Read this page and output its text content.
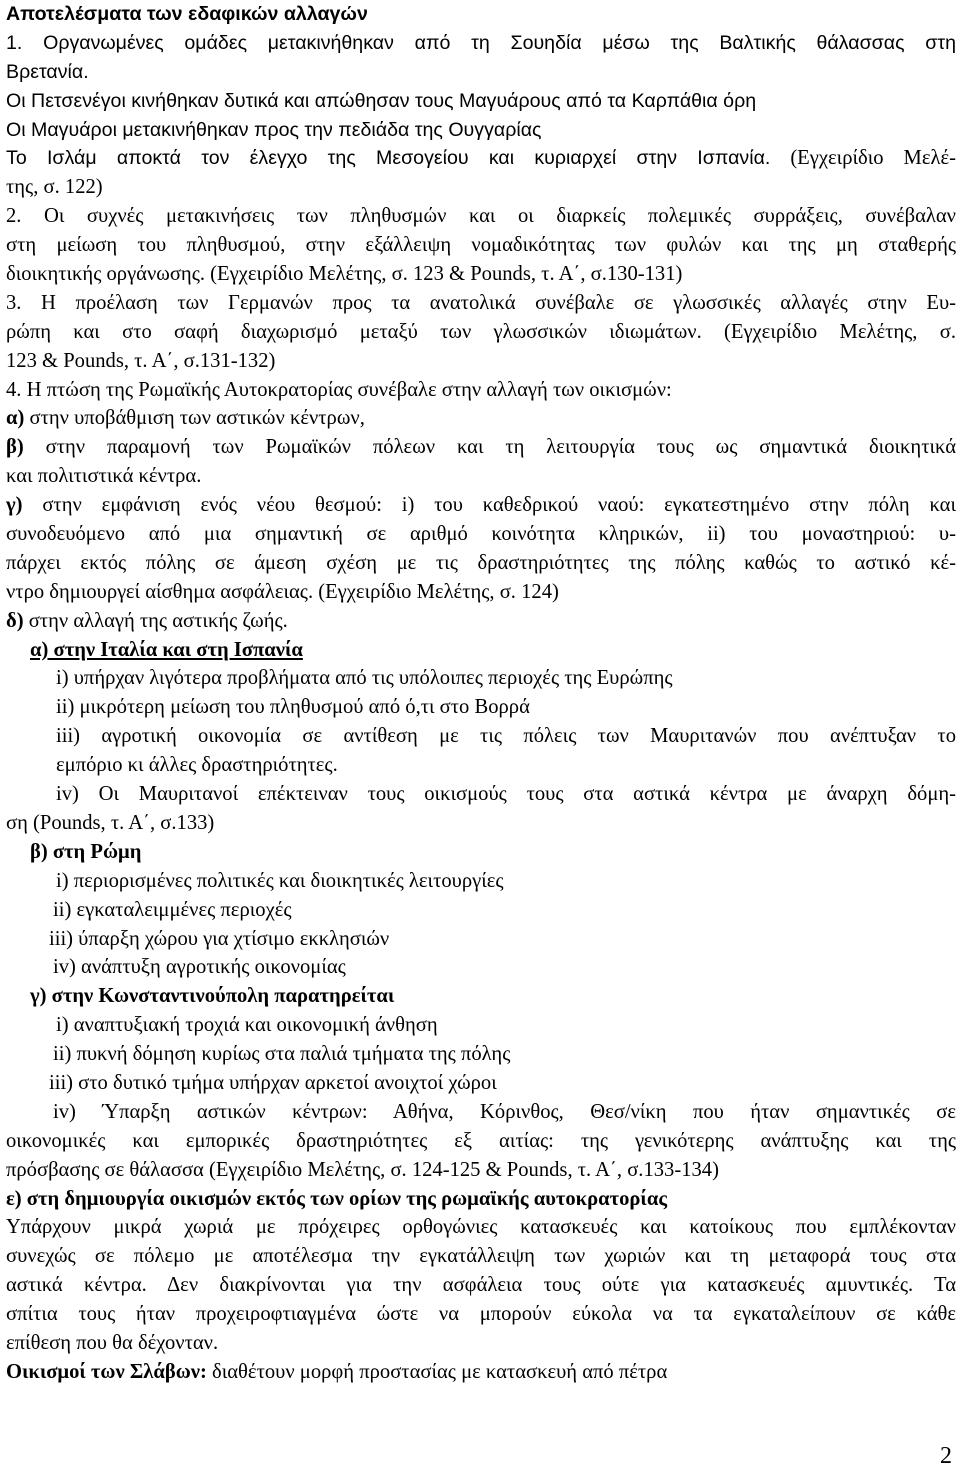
Αποτελέσματα των εδαφικών αλλαγών
1. Οργανωμένες ομάδες μετακινήθηκαν από τη Σουηδία μέσω της Βαλτικής θάλασσας στη
Βρετανία.
Οι Πετσενέγοι κινήθηκαν δυτικά και απώθησαν τους Μαγυάρους από τα Καρπάθια όρη
Οι Μαγυάροι μετακινήθηκαν προς την πεδιάδα της Ουγγαρίας
Το Ισλάμ αποκτά τον έλεγχο της Μεσογείου και κυριαρχεί στην Ισπανία. (Εγχειρίδιο Μελέ-
της, σ. 122)
2. Οι συχνές μετακινήσεις των πληθυσμών και οι διαρκείς πολεμικές συρράξεις, συνέβαλαν
στη μείωση του πληθυσμού, στην εξάλλειψη νομαδικότητας των φυλών και της μη σταθερής
διοικητικής οργάνωσης. (Εγχειρίδιο Μελέτης, σ. 123 & Pounds, τ. Α΄, σ.130-131)
3. Η προέλαση των Γερμανών προς τα ανατολικά συνέβαλε σε γλωσσικές αλλαγές στην Ευ-
ρώπη και στο σαφή διαχωρισμό μεταξύ των γλωσσικών ιδιωμάτων. (Εγχειρίδιο Μελέτης, σ.
123 & Pounds, τ. Α΄, σ.131-132)
4. Η πτώση της Ρωμαϊκής Αυτοκρατορίας συνέβαλε στην αλλαγή των οικισμών:
α) στην υποβάθμιση των αστικών κέντρων,
β) στην παραμονή των Ρωμαϊκών πόλεων και τη λειτουργία τους ως σημαντικά διοικητικά
και πολιτιστικά κέντρα.
γ) στην εμφάνιση ενός νέου θεσμού: i) του καθεδρικού ναού: εγκατεστημένο στην πόλη και
συνοδευόμενο από μια σημαντική σε αριθμό κοινότητα κληρικών, ii) του μοναστηριού: υ-
πάρχει εκτός πόλης σε άμεση σχέση με τις δραστηριότητες της πόλης καθώς το αστικό κέ-
ντρο δημιουργεί αίσθημα ασφάλειας. (Εγχειρίδιο Μελέτης, σ. 124)
δ) στην αλλαγή της αστικής ζωής.
α) στην Ιταλία και στη Ισπανία
i) υπήρχαν λιγότερα προβλήματα από τις υπόλοιπες περιοχές της Ευρώπης
ii) μικρότερη μείωση του πληθυσμού από ό,τι στο Βορρά
iii) αγροτική οικονομία σε αντίθεση με τις πόλεις των Μαυριτανών που ανέπτυξαν το
εμπόριο κι άλλες δραστηριότητες.
iv) Οι Μαυριτανοί επέκτειναν τους οικισμούς τους στα αστικά κέντρα με άναρχη δόμη-
ση (Pounds, τ. Α΄, σ.133)
β) στη Ρώμη
i) περιορισμένες πολιτικές και διοικητικές λειτουργίες
ii) εγκαταλειμμένες περιοχές
iii) ύπαρξη χώρου για χτίσιμο εκκλησιών
iv) ανάπτυξη αγροτικής οικονομίας
γ) στην Κωνσταντινούπολη παρατηρείται
i) αναπτυξιακή τροχιά και οικονομική άνθηση
ii) πυκνή δόμηση κυρίως στα παλιά τμήματα της πόλης
iii) στο δυτικό τμήμα υπήρχαν αρκετοί ανοιχτοί χώροι
iv) Ύπαρξη αστικών κέντρων: Αθήνα, Κόρινθος, Θεσ/νίκη που ήταν σημαντικές σε
οικονομικές και εμπορικές δραστηριότητες εξ αιτίας: της γενικότερης ανάπτυξης και της
πρόσβασης σε θάλασσα (Εγχειρίδιο Μελέτης, σ. 124-125 & Pounds, τ. Α΄, σ.133-134)
ε) στη δημιουργία οικισμών εκτός των ορίων της ρωμαϊκής αυτοκρατορίας
Υπάρχουν μικρά χωριά με πρόχειρες ορθογώνιες κατασκευές και κατοίκους που εμπλέκονταν
συνεχώς σε πόλεμο με αποτέλεσμα την εγκατάλλειψη των χωριών και τη μεταφορά τους στα
αστικά κέντρα. Δεν διακρίνονται για την ασφάλεια τους ούτε για κατασκευές αμυντικές. Τα
σπίτια τους ήταν προχειροφτιαγμένα ώστε να μπορούν εύκολα να τα εγκαταλείπουν σε κάθε
επίθεση που θα δέχονταν.
Οικισμοί των Σλάβων: διαθέτουν μορφή προστασίας με κατασκευή από πέτρα
2
